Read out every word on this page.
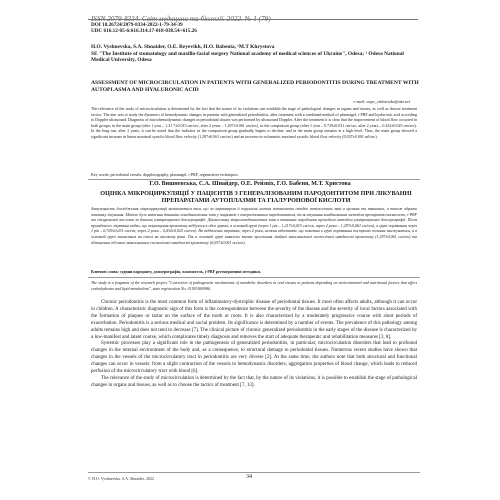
ISSN 2079-8334. Світ медицини та біології. 2022. № 1 (79)
DOI 10.26724/2079-8334-2022-1-79-34-39
UDC 616.12-05-6:616.314.17-018-038.54+615.26
H.O. Vyshnevska, S.A. Shnaider, O.E. Reyevikh, H.O. Babenia, ¹M.T Khrystova
SE "The Institute of stomatology and maxillo-facial surgery National academy of medical sciences of Ukraine", Odesa; ¹ Odesa National Medical University, Odesa
ASSESSMENT OF MICROCIRCULATION IN PATIENTS WITH GENERALIZED PERIODONTITIS DURING TREATMENT WITH AUTOPLASMA AND HYALURONIC ACID
e-mail: anya_vishnevska@ukr.net
The relevance of the study of microcirculation is determined by the fact that the nature of its violations can establish the stage of pathological changes in organs and tissues, as well as choose treatment tactics. The aim was to study the dynamics of hemodynamic changes in patients with generalized periodontitis, after treatment with a combined method of plasmagel, i-PRF and hyaluronic acid according to Doppler ultrasound. Diagnosis of microhemodynamic changes in periodontal tissues was performed by ultrasound Doppler. After the treatment it is clear that the improvement of blood flow occurred in both groups, in the main group (after 1 year – 1.21 7±0.015 cm/sec, after 2 years – 1.297±0.061 cm/sec), in the comparison group (after 1 year – 0.729±0.031 cm/sec, after 2 years – 0.432±0.025 cm/sec). In the long run, after 2 years, it can be noted that the indicator in the comparison group gradually begins to decline, and in the main group remains at a high level. Thus, the main group showed a significant increase in linear maximal systolic blood flow velocity (1.297±0.061 cm/sec) and an increase in volumetric maximal systolic blood flow velocity (0.037±0.001 ml/sec).
Key words: periodontal vessels, dopplerography, plasmagel, i-PRF, regenerative techniques.
Г.О. Вишневська, С.А. Шнайдер, О.Е. Рейзвіх, Г.О. Бабеня, М.Т. Христова
ОЦІНКА МІКРОЦИРКУЛЯЦІЇ У ПАЦІЄНТІВ З ГЕНЕРАЛІЗОВАНИМ ПАРОДОНТИТОМ ПРИ ЛІКУВАННІ ПРЕПАРАТАМИ АУТОПЛАЗМИ ТА ГІАЛУРОНОВОЇ КИСЛОТИ
Актуальність дослідження мікроциркуляції визначається тим, що за характером її порушень можна встановити стадію патологічних змін в органах та тканинах, а також обрати тактику лікування. Метою було вивчення динаміки гемодинамічних змін у пацієнтів з генералізованим пародонтитом, після лікування комбінованим методом препаратів плазмогелю, i-PRF та гіалуронової кислоти за даними ультразвукової доплерографії. Діагностику мікрогемодинамічних змін в тканинах пародонта проводили методом ультразвукової доплерографії. Після проведеного лікування видно, що покращення кровотоку відбулося в обох групах, в основній групі (через 1 рік – 1,217±0,015 см/сек, через 2 роки – 1,297±0,061 см/сек), в групі порівняння через 1 рік – 0,729±0,031 см/сек, через 2 роки – 0,432±0,025 см/сек). На віддалених термінах, через 2 роки, можна відмітити, що показник в групі порівняння поступово починає знижуватись, а в основній групі лишається на сталі на високому рівні. Так в основній групі виявлено значне зростання лінійної максимальної систолічної швидкості кровотоку (1,297±0,061 см/сек) та збільшення об'ємної максимальної систолічної швидкості кровотоку (0,037±0,001 мл/сек).
Ключові слова: судини пародонту, доплерографія, плазмогель, i-PRF регенеративні методики.
The study is a fragment of the research project "Correction of pathogenetic mechanisms of metabolic disorders in oral tissues in patients depending on environmental and nutritional factors that affect carbohydrates and lipid metabolism", state registration No. 0119U000986.

Chronic periodontitis is the most common form of inflammatory-dystrophic disease of periodontal tissues. It most often affects adults, although it can occur in children. A characteristic diagnostic sign of this form is the correspondence between the severity of the disease and the severity of local factors associated with the formation of plaques or tartar on the surface of the tooth or roots. It is also characterized by a moderately progressive course with short periods of exacerbation. Periodontitis is a serious medical and social problem. Its significance is determined by a number of events. The prevalence of this pathology among adults remains high and does not tend to decrease [7]. The clinical picture of chronic generalized periodontitis in the early stages of the disease is characterized by a low-manifest and latent course, which complicates timely diagnosis and removes the start of adequate therapeutic and rehabilitation measures [3, 8].

Systemic processes play a significant role in the pathogenesis of generalized periodontitis, in particular, microcirculation disorders that lead to profound changes in the internal environment of the body and, as a consequence, to structural damage to periodontal tissues. Numerous recent studies have shown that changes in the vessels of the microcirculatory tract in periodontitis are very diverse [2]. At the same time, the authors note that both structural and functional changes can occur in vessels: from a slight contraction of the vessels to hemodynamic disorders, aggregation properties of blood change, which leads to reduced perfusion of the microcirculatory tract with blood [6].

The relevance of the study of microcirculation is determined by the fact that, by the nature of its violations, it is possible to establish the stage of pathological changes in organs and tissues, as well as to choose the tactics of treatment [7, 13].

© H.O. Vyshnevska, S.A. Shnaider, 2022	34
